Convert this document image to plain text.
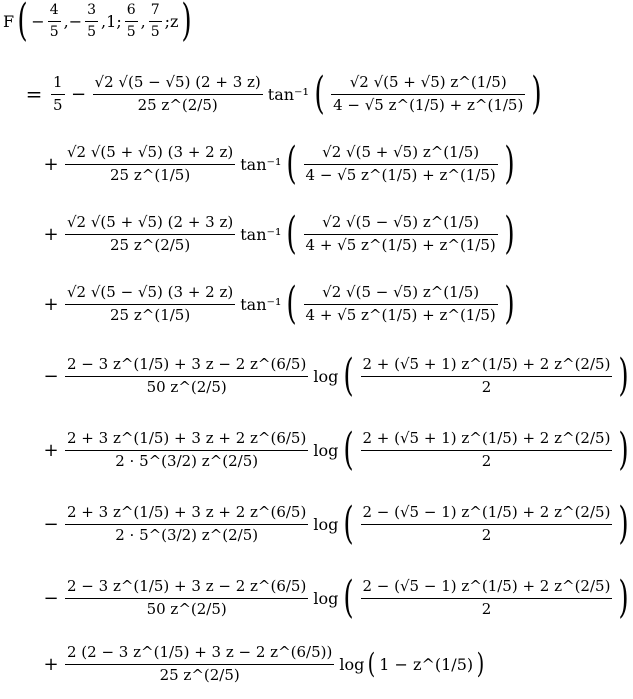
F ( − $\frac{4}{5}$ , − $\frac{3}{5}$ , 1 ; $\frac{6}{5}$ , $\frac{7}{5}$ ; z )
= $\frac{1}{5} - \frac{√2 √(5 - √5) (2 + 3 z)}{25 z\^{}(2/5)} \tan^{-1}$ ( $\frac{√2 √(5 + √5) z\^{}(1/5)}{4 - √5 z\^{}(1/5) + z\^{}(1/5)}$ )
+ $\frac{√2 √(5 + √5) (3 + 2 z)}{25 z\^{}(1/5)} \tan^{-1}$ ( $\frac{√2 √(5 + √5) z\^{}(1/5)}{4 - √5 z\^{}(1/5) + z\^{}(1/5)}$ )
+ $\frac{√2 √(5 + √5) (2 + 3 z)}{25 z\^{}(2/5)} \tan^{-1}$ ( $\frac{√2 √(5 - √5) z\^{}(1/5)}{4 + √5 z\^{}(1/5) + z\^{}(1/5)}$ )
+ $\frac{√2 √(5 - √5) (3 + 2 z)}{25 z\^{}(1/5)} \tan^{-1}$ ( $\frac{√2 √(5 - √5) z\^{}(1/5)}{4 + √5 z\^{}(1/5) + z\^{}(1/5)}$ )
− $\frac{2 - 3 z\^{}(1/5) + 3 z - 2 z\^{}(6/5)}{50 z\^{}(2/5)}$ log ( $\frac{2 + (√5 + 1) z\^{}(1/5) + 2 z\^{}(2/5)}{2}$ )
+ $\frac{2 + 3 z\^{}(1/5) + 3 z + 2 z\^{}(6/5)}{2 \cdot 5\^{}(3/2) z\^{}(2/5)}$ log ( $\frac{2 + (√5 + 1) z\^{}(1/5) + 2 z\^{}(2/5)}{2}$ )
− $\frac{2 + 3 z\^{}(1/5) + 3 z + 2 z\^{}(6/5)}{2 \cdot 5\^{}(3/2) z\^{}(2/5)}$ log ( $\frac{2 - (√5 - 1) z\^{}(1/5) + 2 z\^{}(2/5)}{2}$ )
− $\frac{2 - 3 z\^{}(1/5) + 3 z - 2 z\^{}(6/5)}{50 z\^{}(2/5)}$ log ( $\frac{2 - (√5 - 1) z\^{}(1/5) + 2 z\^{}(2/5)}{2}$ )
+ $\frac{2 (2 - 3 z\^{}(1/5) + 3 z - 2 z\^{}(6/5))}{25 z\^{}(2/5)}$ log ( 1 − z^(1/5) )
